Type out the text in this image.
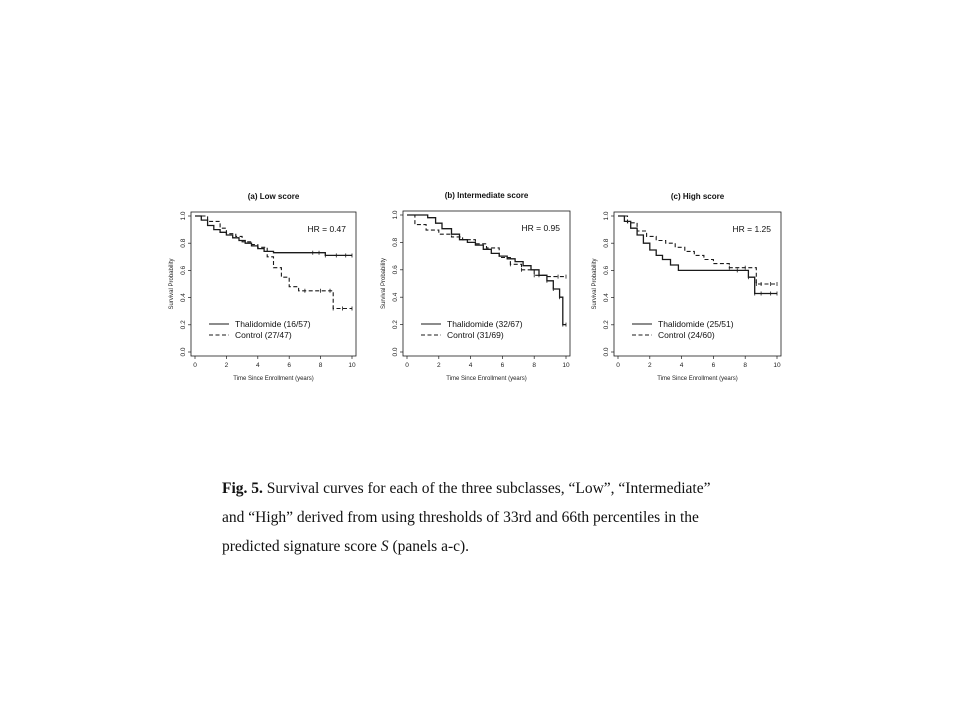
(a) Low score
0	2	4	6	8	10
0.0
0.2
0.4
0.6
0.8
1.0
Time Since Enrollment (years)
Survival Probability
HR = 0.47
Thalidomide (16/57)
Control (27/47)
(b) Intermediate score
0	2	4	6	8	10
0.0
0.2
0.4
0.6
0.8
1.0
Time Since Enrollment (years)
Survival Probability
HR = 0.95
Thalidomide (32/67)
Control (31/69)
(c) High score
0	2	4	6	8	10
0.0
0.2
0.4
0.6
0.8
1.0
Time Since Enrollment (years)
Survival Probability
HR = 1.25
Thalidomide (25/51)
Control (24/60)
Fig. 5. Survival curves for each of the three subclasses, “Low”, “Intermediate”
and “High” derived from using thresholds of 33rd and 66th percentiles in the
predicted signature score S (panels a-c).
